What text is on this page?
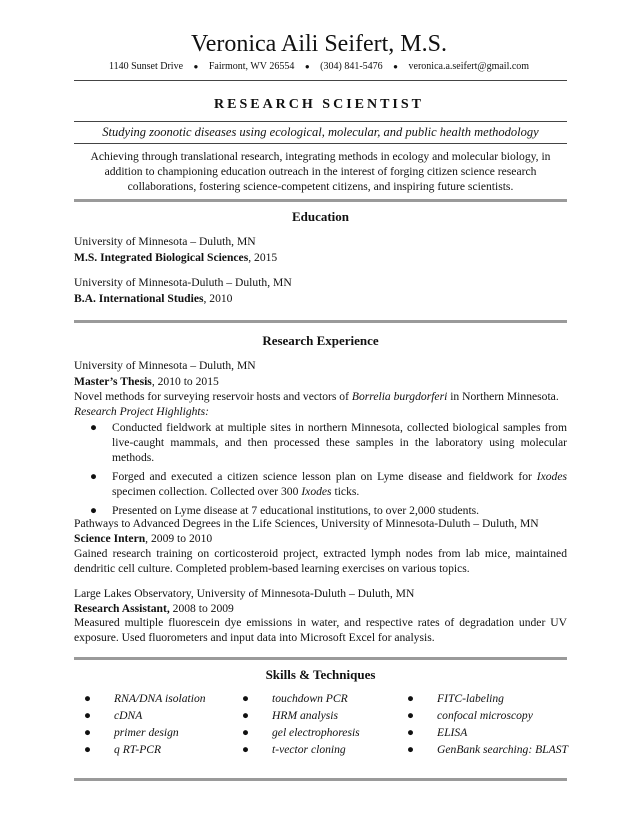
Veronica Aili Seifert, M.S.
1140 Sunset Drive ● Fairmont, WV 26554 ● (304) 841-5476 ● veronica.a.seifert@gmail.com
RESEARCH SCIENTIST
Studying zoonotic diseases using ecological, molecular, and public health methodology
Achieving through translational research, integrating methods in ecology and molecular biology, in addition to championing education outreach in the interest of forging citizen science research collaborations, fostering science-competent citizens, and inspiring future scientists.
Education
University of Minnesota – Duluth, MN
M.S. Integrated Biological Sciences, 2015
University of Minnesota-Duluth – Duluth, MN
B.A. International Studies, 2010
Research Experience
University of Minnesota – Duluth, MN
Master’s Thesis, 2010 to 2015
Novel methods for surveying reservoir hosts and vectors of Borrelia burgdorferi in Northern Minnesota.
Research Project Highlights:
● Conducted fieldwork at multiple sites in northern Minnesota, collected biological samples from live-caught mammals, and then processed these samples in the laboratory using molecular methods.
● Forged and executed a citizen science lesson plan on Lyme disease and fieldwork for Ixodes specimen collection. Collected over 300 Ixodes ticks.
● Presented on Lyme disease at 7 educational institutions, to over 2,000 students.
Pathways to Advanced Degrees in the Life Sciences, University of Minnesota-Duluth – Duluth, MN
Science Intern, 2009 to 2010
Gained research training on corticosteroid project, extracted lymph nodes from lab mice, maintained dendritic cell culture. Completed problem-based learning exercises on various topics.
Large Lakes Observatory, University of Minnesota-Duluth – Duluth, MN
Research Assistant, 2008 to 2009
Measured multiple fluorescein dye emissions in water, and respective rates of degradation under UV exposure. Used fluorometers and input data into Microsoft Excel for analysis.
Skills & Techniques
● RNA/DNA isolation
● cDNA
● primer design
● q RT-PCR
● touchdown PCR
● HRM analysis
● gel electrophoresis
● t-vector cloning
● FITC-labeling
● confocal microscopy
● ELISA
● GenBank searching: BLAST
